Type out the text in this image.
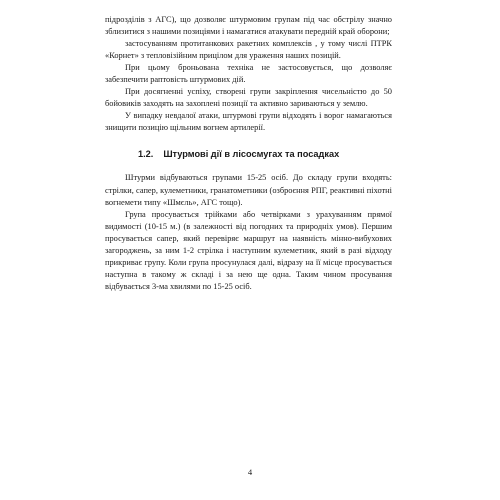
підрозділів з АГС), що дозволяє штурмовим групам під час обстрілу значно зблизитися з нашими позиціями і намагатися атакувати передній край оборони;

застосуванням протитанкових ракетних комплексів , у тому числі ПТРК «Корнет» з тепловізійним прицілом для ураження наших позицій.

При цьому броньована техніка не застосовується, що дозволяє забезпечити раптовість штурмових дій.

При досягненні успіху, створені групи закріплення чисельністю до 50 бойовиків заходять на захоплені позиції та активно зариваються у землю.

У випадку невдалої атаки, штурмові групи відходять і ворог намагаються знищити позицію щільним вогнем артилерії.

1.2. Штурмові дії в лісосмугах та посадках

Штурми відбуваються групами 15-25 осіб. До складу групи входять: стрілки, сапер, кулеметники, гранатометники (озброєння РПГ, реактивні піхотні вогнемети типу «Шмєль», АГС тощо).

Група просувається трійками або четвірками з урахуванням прямої видимості (10-15 м.) (в залежності від погодних та природніх умов). Першим просувається сапер, який перевіряє маршрут на наявність мінно-вибухових загороджень, за ним 1-2 стрілка і наступним кулеметник, який в разі відходу прикриває групу. Коли група просунулася далі, відразу на її місце просувається наступна в такому ж складі і за нею ще одна. Таким чином просування відбувається 3-ма хвилями по 15-25 осіб.

4
